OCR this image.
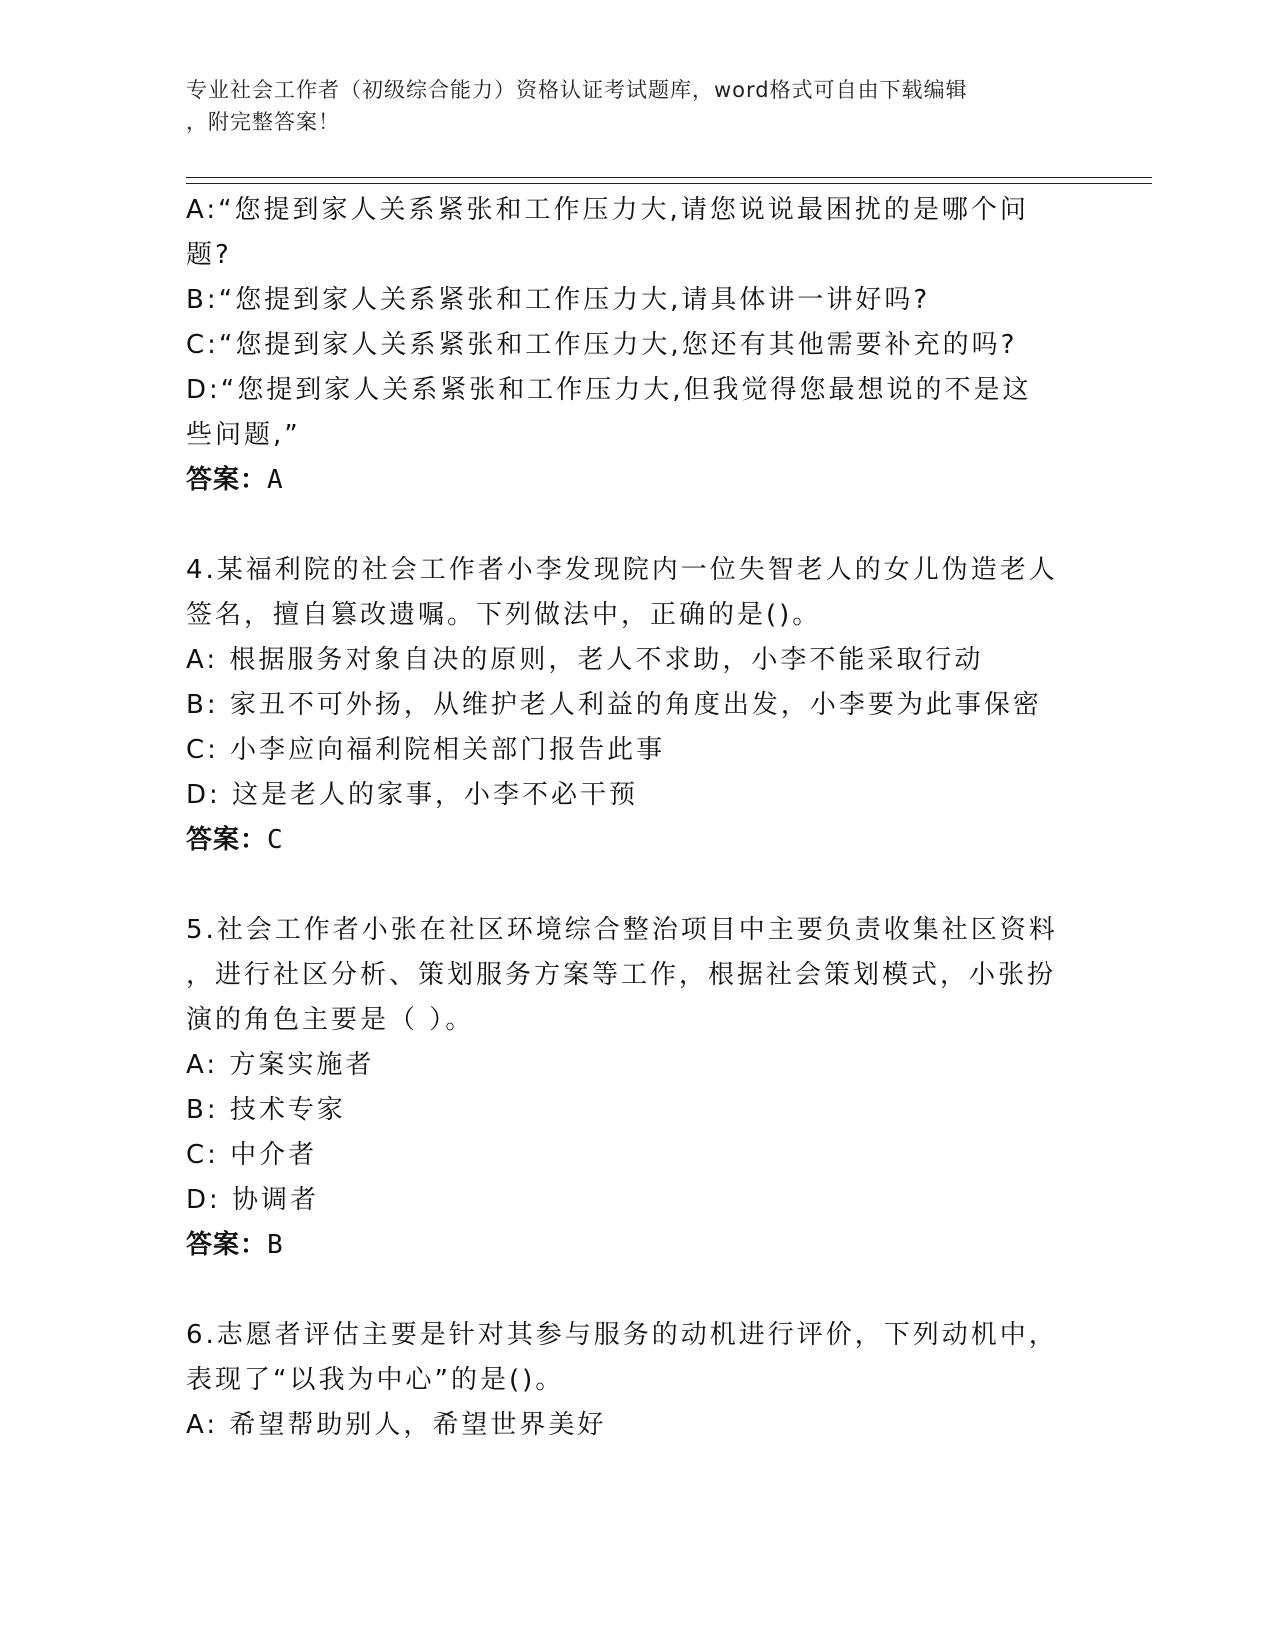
专业社会工作者（初级综合能力）资格认证考试题库，word格式可自由下载编辑
，附完整答案！

A:“您提到家人关系紧张和工作压力大,请您说说最困扰的是哪个问

题?

B:“您提到家人关系紧张和工作压力大,请具体讲一讲好吗?

C:“您提到家人关系紧张和工作压力大,您还有其他需要补充的吗?

D:“您提到家人关系紧张和工作压力大,但我觉得您最想说的不是这

些问题,”

答案：A

4.某福利院的社会工作者小李发现院内一位失智老人的女儿伪造老人

签名，擅自篡改遗嘱。下列做法中，正确的是()。

A: 根据服务对象自决的原则，老人不求助，小李不能采取行动

B: 家丑不可外扬，从维护老人利益的角度出发，小李要为此事保密

C: 小李应向福利院相关部门报告此事

D: 这是老人的家事，小李不必干预

答案：C

5.社会工作者小张在社区环境综合整治项目中主要负责收集社区资料

，进行社区分析、策划服务方案等工作，根据社会策划模式，小张扮

演的角色主要是（ ）。

A: 方案实施者

B: 技术专家

C: 中介者

D: 协调者

答案：B

6.志愿者评估主要是针对其参与服务的动机进行评价，下列动机中，

表现了“以我为中心”的是()。

A: 希望帮助别人，希望世界美好
